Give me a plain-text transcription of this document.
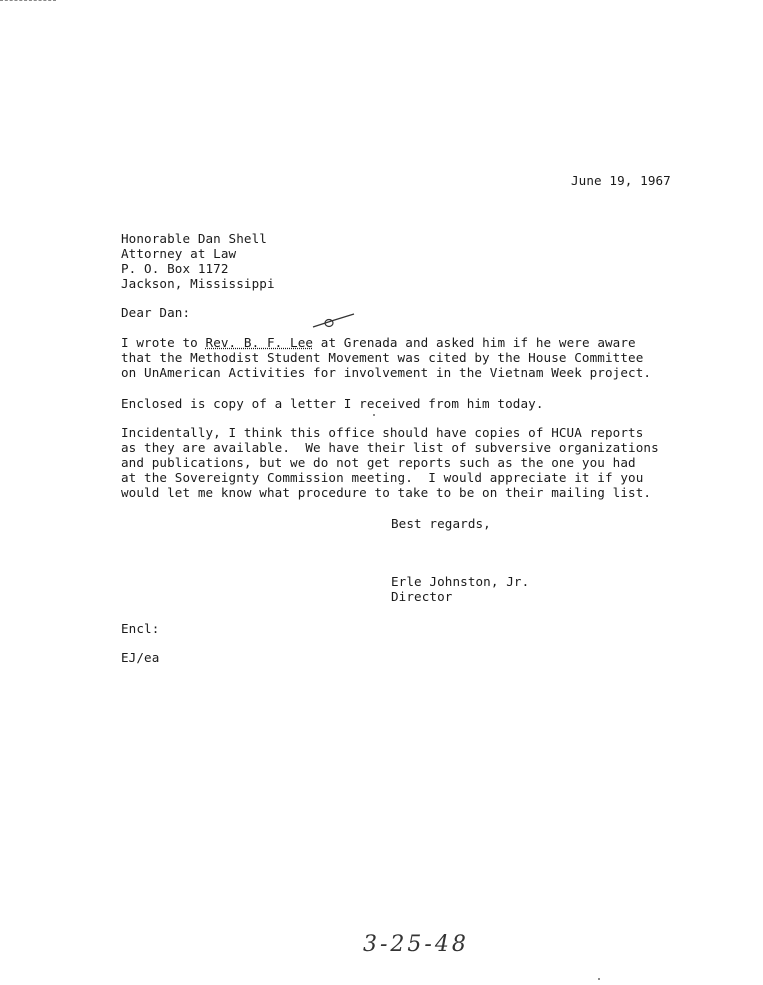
June 19, 1967
Honorable Dan Shell
Attorney at Law
P. O. Box 1172
Jackson, Mississippi
Dear Dan:
I wrote to Rev. B. F. Lee at Grenada and asked him if he were aware
that the Methodist Student Movement was cited by the House Committee
on UnAmerican Activities for involvement in the Vietnam Week project.
Enclosed is copy of a letter I received from him today.
Incidentally, I think this office should have copies of HCUA reports
as they are available.  We have their list of subversive organizations
and publications, but we do not get reports such as the one you had
at the Sovereignty Commission meeting.  I would appreciate it if you
would let me know what procedure to take to be on their mailing list.
Best regards,
Erle Johnston, Jr.
Director
Encl:
EJ/ea
3-25-48
